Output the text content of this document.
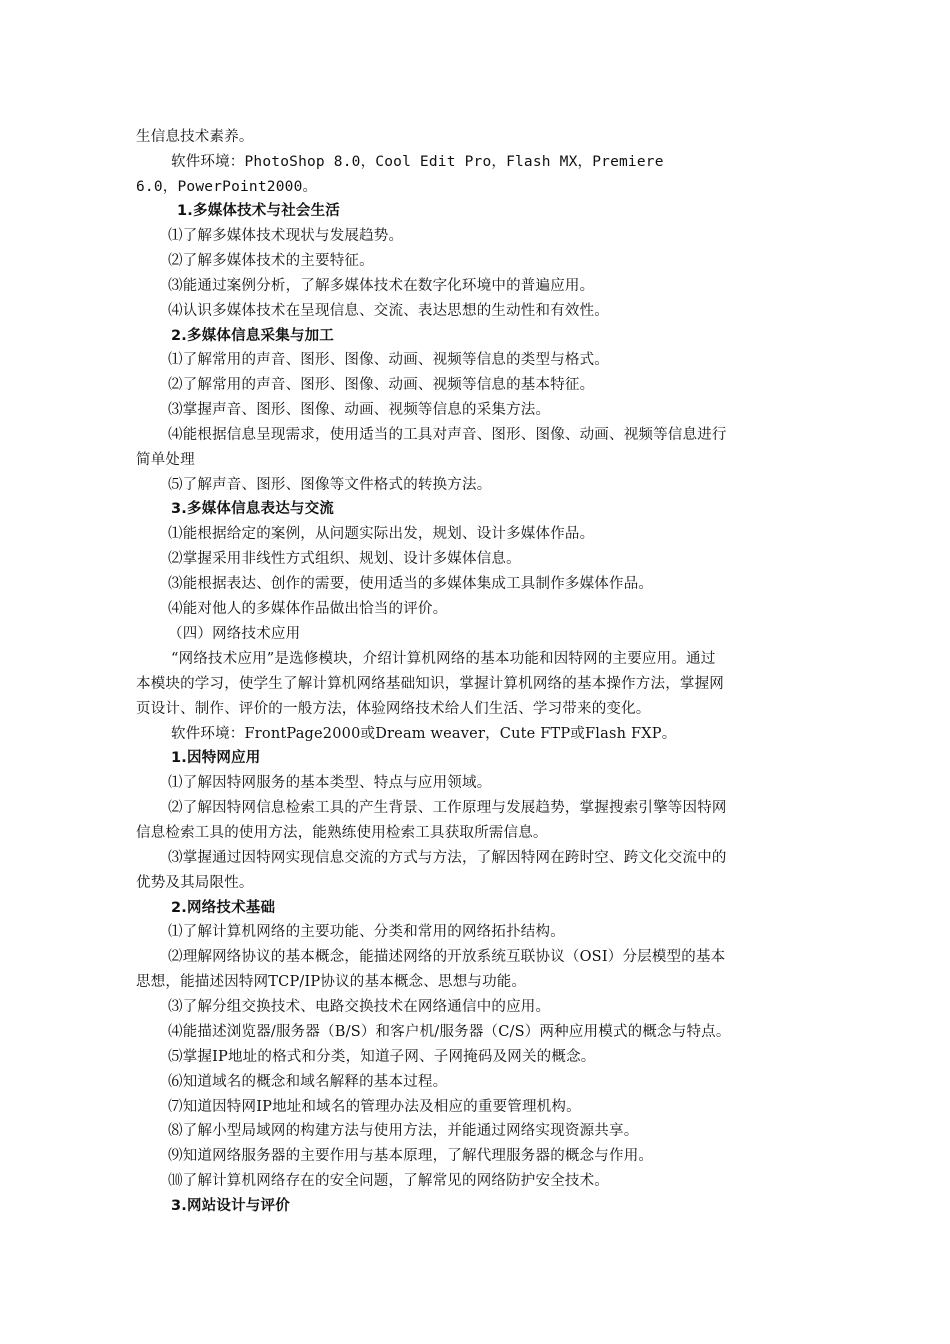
生信息技术素养。
软件环境：PhotoShop 8.0，Cool Edit Pro，Flash MX，Premiere
6.0，PowerPoint2000。
1.多媒体技术与社会生活
⑴了解多媒体技术现状与发展趋势。
⑵了解多媒体技术的主要特征。
⑶能通过案例分析，了解多媒体技术在数字化环境中的普遍应用。
⑷认识多媒体技术在呈现信息、交流、表达思想的生动性和有效性。
2.多媒体信息采集与加工
⑴了解常用的声音、图形、图像、动画、视频等信息的类型与格式。
⑵了解常用的声音、图形、图像、动画、视频等信息的基本特征。
⑶掌握声音、图形、图像、动画、视频等信息的采集方法。
⑷能根据信息呈现需求，使用适当的工具对声音、图形、图像、动画、视频等信息进行
简单处理
⑸了解声音、图形、图像等文件格式的转换方法。
3.多媒体信息表达与交流
⑴能根据给定的案例，从问题实际出发，规划、设计多媒体作品。
⑵掌握采用非线性方式组织、规划、设计多媒体信息。
⑶能根据表达、创作的需要，使用适当的多媒体集成工具制作多媒体作品。
⑷能对他人的多媒体作品做出恰当的评价。
（四）网络技术应用
“网络技术应用”是选修模块，介绍计算机网络的基本功能和因特网的主要应用。通过
本模块的学习，使学生了解计算机网络基础知识，掌握计算机网络的基本操作方法，掌握网
页设计、制作、评价的一般方法，体验网络技术给人们生活、学习带来的变化。
软件环境：FrontPage2000或Dream weaver，Cute FTP或Flash FXP。
1.因特网应用
⑴了解因特网服务的基本类型、特点与应用领域。
⑵了解因特网信息检索工具的产生背景、工作原理与发展趋势，掌握搜索引擎等因特网
信息检索工具的使用方法，能熟练使用检索工具获取所需信息。
⑶掌握通过因特网实现信息交流的方式与方法，了解因特网在跨时空、跨文化交流中的
优势及其局限性。
2.网络技术基础
⑴了解计算机网络的主要功能、分类和常用的网络拓扑结构。
⑵理解网络协议的基本概念，能描述网络的开放系统互联协议（OSI）分层模型的基本
思想，能描述因特网TCP/IP协议的基本概念、思想与功能。
⑶了解分组交换技术、电路交换技术在网络通信中的应用。
⑷能描述浏览器/服务器（B/S）和客户机/服务器（C/S）两种应用模式的概念与特点。
⑸掌握IP地址的格式和分类，知道子网、子网掩码及网关的概念。
⑹知道域名的概念和域名解释的基本过程。
⑺知道因特网IP地址和域名的管理办法及相应的重要管理机构。
⑻了解小型局域网的构建方法与使用方法，并能通过网络实现资源共享。
⑼知道网络服务器的主要作用与基本原理，了解代理服务器的概念与作用。
⑽了解计算机网络存在的安全问题，了解常见的网络防护安全技术。
3.网站设计与评价
